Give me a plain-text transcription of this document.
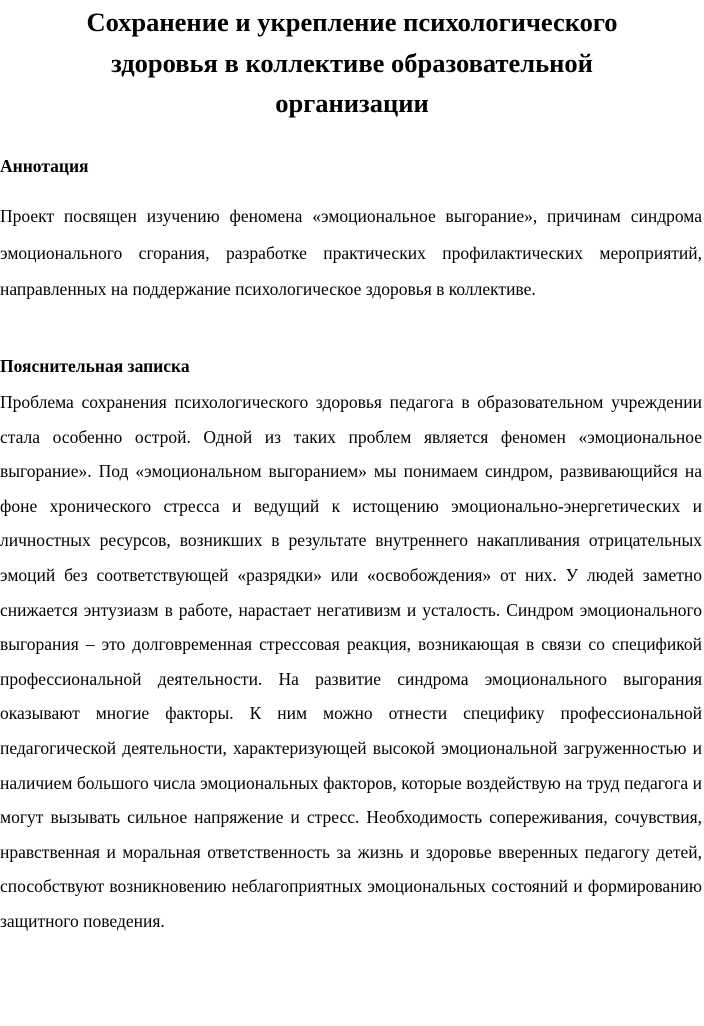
Сохранение и укрепление психологического здоровья в коллективе образовательной организации
Аннотация

Проект посвящен изучению феномена «эмоциональное выгорание», причинам синдрома эмоционального сгорания, разработке практических профилактических мероприятий, направленных на поддержание психологическое здоровья в коллективе.

Пояснительная записка

Проблема сохранения психологического здоровья педагога в образовательном учреждении стала особенно острой. Одной из таких проблем является феномен «эмоциональное выгорание». Под «эмоциональном выгоранием» мы понимаем синдром, развивающийся на фоне хронического стресса и ведущий к истощению эмоционально-энергетических и личностных ресурсов, возникших в результате внутреннего накапливания отрицательных эмоций без соответствующей «разрядки» или «освобождения» от них. У людей заметно снижается энтузиазм в работе, нарастает негативизм и усталость. Синдром эмоционального выгорания – это долговременная стрессовая реакция, возникающая в связи со спецификой профессиональной деятельности. На развитие синдрома эмоционального выгорания оказывают многие факторы. К ним можно отнести специфику профессиональной педагогической деятельности, характеризующей высокой эмоциональной загруженностью и наличием большого числа эмоциональных факторов, которые воздействую на труд педагога и могут вызывать сильное напряжение и стресс. Необходимость сопереживания, сочувствия, нравственная и моральная ответственность за жизнь и здоровье вверенных педагогу детей, способствуют возникновению неблагоприятных эмоциональных состояний и формированию защитного поведения.
